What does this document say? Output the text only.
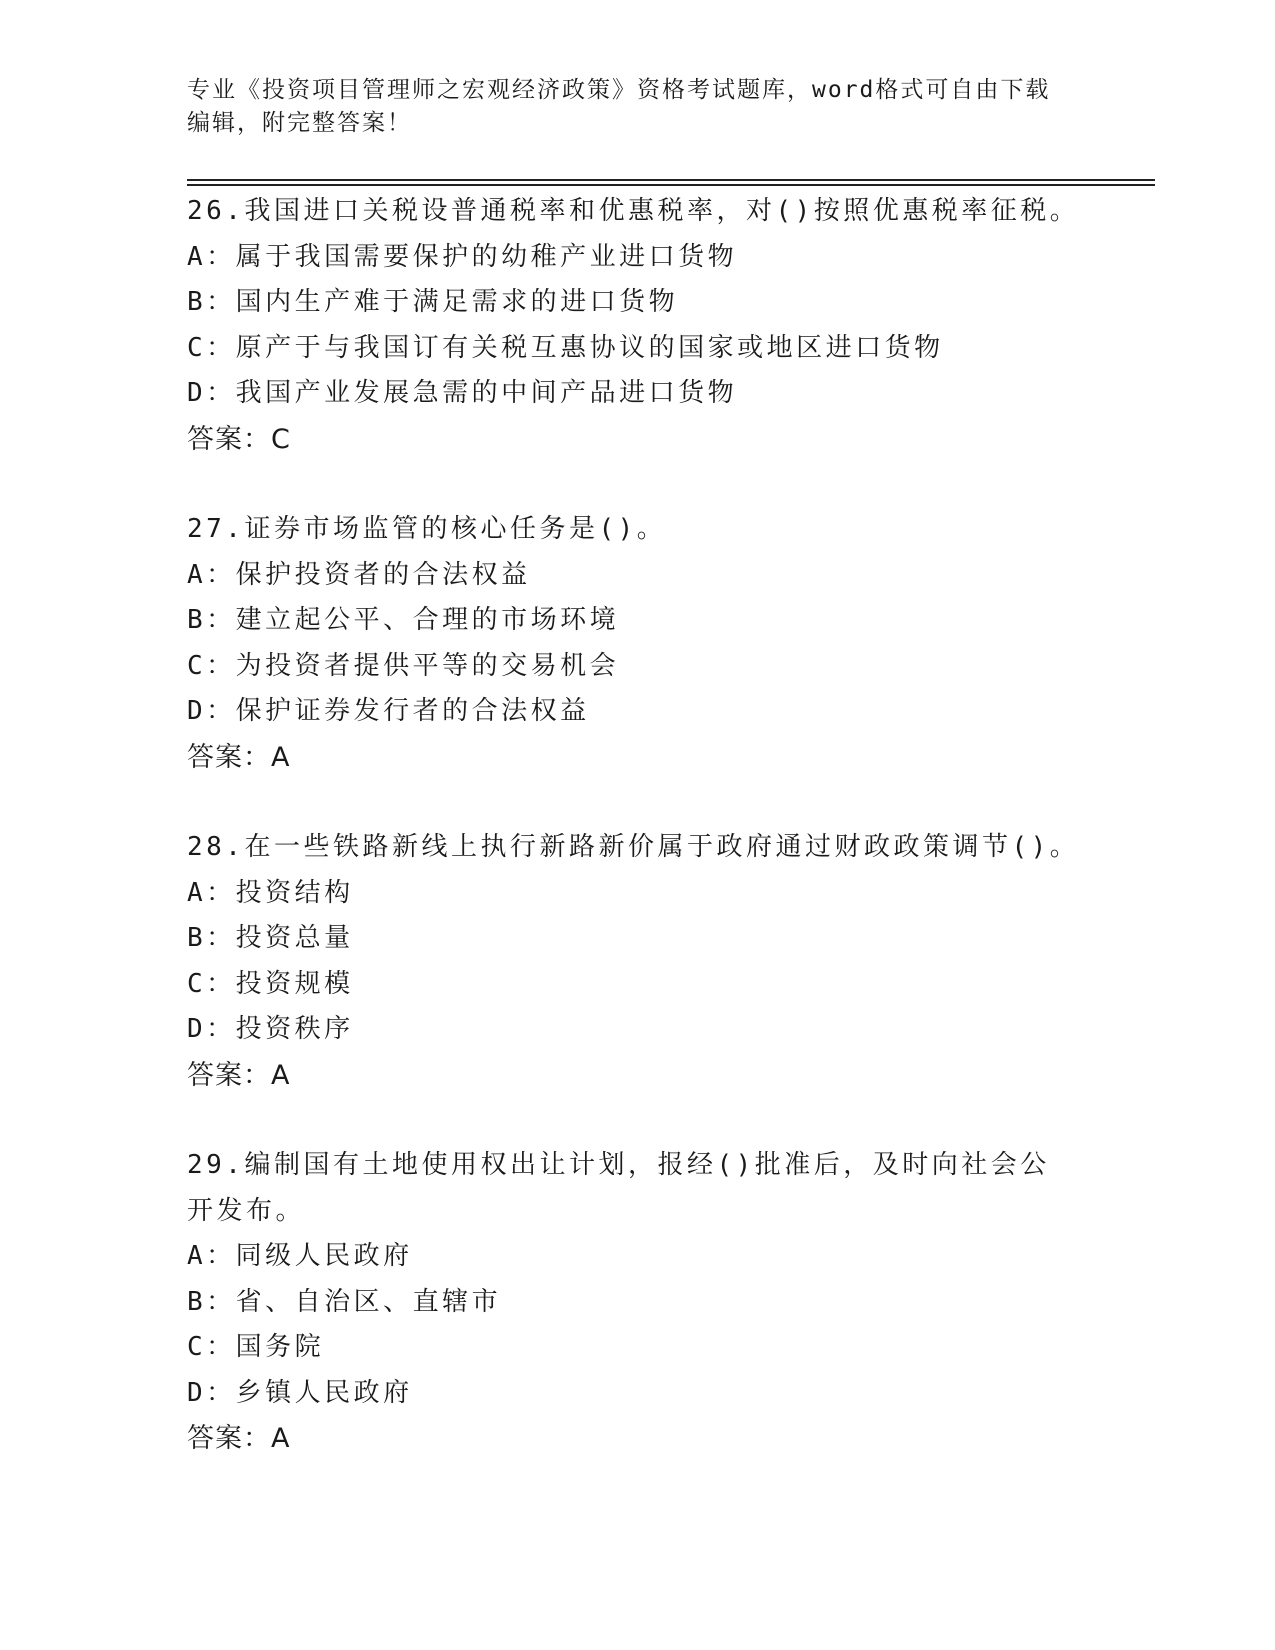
专业《投资项目管理师之宏观经济政策》资格考试题库，word格式可自由下载编辑，附完整答案！
26.我国进口关税设普通税率和优惠税率，对()按照优惠税率征税。
A：属于我国需要保护的幼稚产业进口货物
B：国内生产难于满足需求的进口货物
C：原产于与我国订有关税互惠协议的国家或地区进口货物
D：我国产业发展急需的中间产品进口货物
答案：C
27.证券市场监管的核心任务是()。
A：保护投资者的合法权益
B：建立起公平、合理的市场环境
C：为投资者提供平等的交易机会
D：保护证券发行者的合法权益
答案：A
28.在一些铁路新线上执行新路新价属于政府通过财政政策调节()。
A：投资结构
B：投资总量
C：投资规模
D：投资秩序
答案：A
29.编制国有土地使用权出让计划，报经()批准后，及时向社会公开发布。
A：同级人民政府
B：省、自治区、直辖市
C：国务院
D：乡镇人民政府
答案：A
